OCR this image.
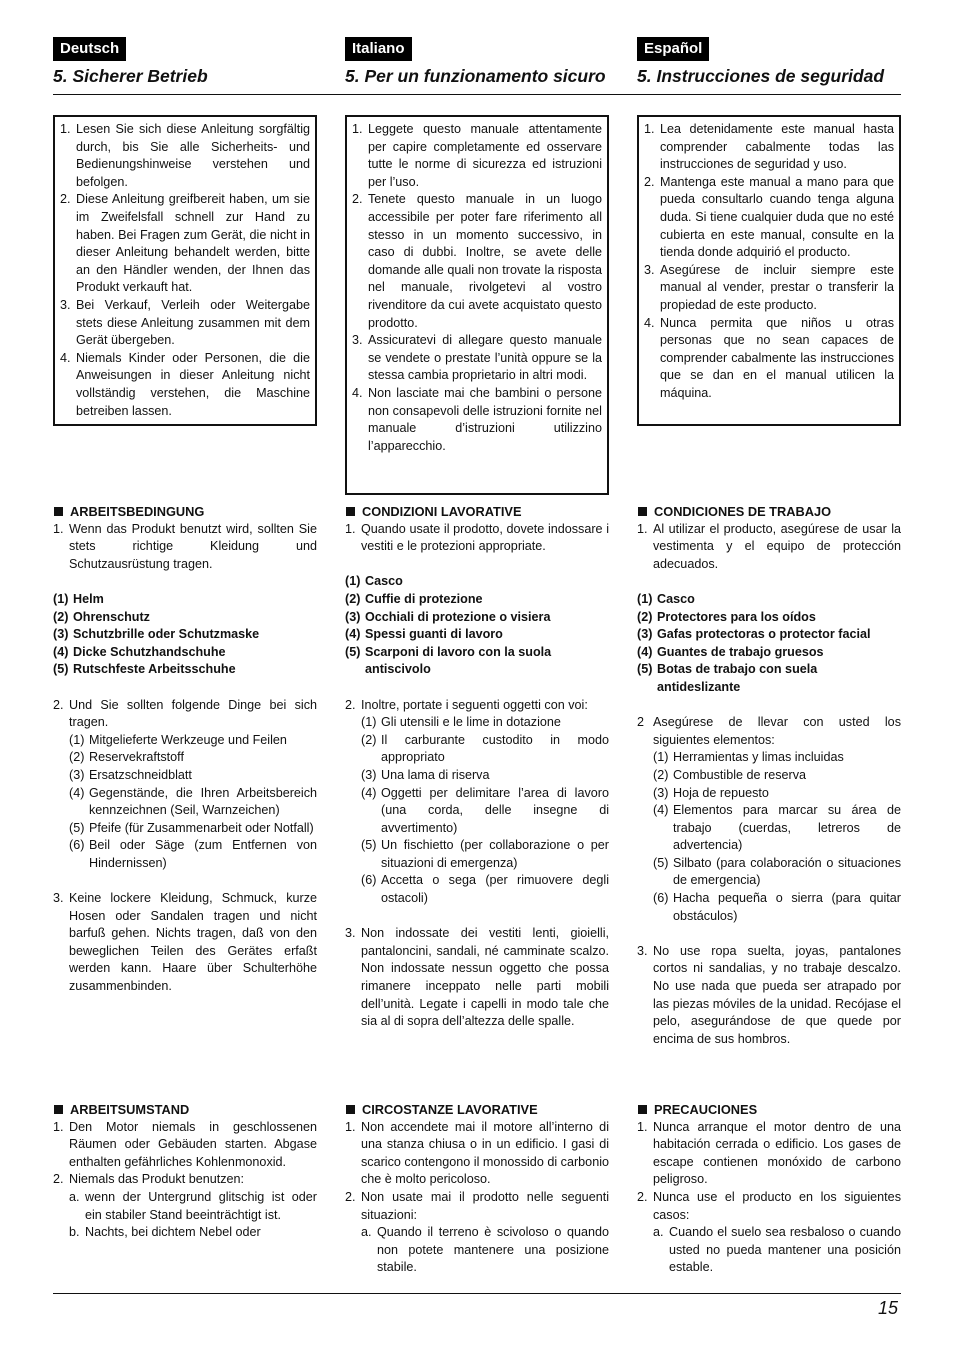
15
Deutsch
5. Sicherer Betrieb
1. Lesen Sie sich diese Anleitung sorgfältig durch, bis Sie alle Sicherheits- und Bedienungshinweise verstehen und befolgen.
2. Diese Anleitung greifbereit haben, um sie im Zweifelsfall schnell zur Hand zu haben. Bei Fragen zum Gerät, die nicht in dieser Anleitung behandelt werden, bitte an den Händler wenden, der Ihnen das Produkt verkauft hat.
3. Bei Verkauf, Verleih oder Weitergabe stets diese Anleitung zusammen mit dem Gerät übergeben.
4. Niemals Kinder oder Personen, die die Anweisungen in dieser Anleitung nicht vollständig verstehen, die Maschine betreiben lassen.
ARBEITSBEDINGUNG
1. Wenn das Produkt benutzt wird, sollten Sie stets richtige Kleidung und Schutzausrüstung tragen.
(1) Helm
(2) Ohrenschutz
(3) Schutzbrille oder Schutzmaske
(4) Dicke Schutzhandschuhe
(5) Rutschfeste Arbeitsschuhe
2. Und Sie sollten folgende Dinge bei sich tragen.
(1) Mitgelieferte Werkzeuge und Feilen
(2) Reservekraftstoff
(3) Ersatzschneidblatt
(4) Gegenstände, die Ihren Arbeitsbereich kennzeichnen (Seil, Warnzeichen)
(5) Pfeife (für Zusammenarbeit oder Notfall)
(6) Beil oder Säge (zum Entfernen von Hindernissen)
3. Keine lockere Kleidung, Schmuck, kurze Hosen oder Sandalen tragen und nicht barfuß gehen. Nichts tragen, daß von den beweglichen Teilen des Gerätes erfaßt werden kann. Haare über Schulterhöhe zusammenbinden.
ARBEITSUMSTAND
1. Den Motor niemals in geschlossenen Räumen oder Gebäuden starten. Abgase enthalten gefährliches Kohlenmonoxid.
2. Niemals das Produkt benutzen:
a. wenn der Untergrund glitschig ist oder ein stabiler Stand beeinträchtigt ist.
b. Nachts, bei dichtem Nebel oder
Italiano
5. Per un funzionamento sicuro
1. Leggete questo manuale attentamente per capire completamente ed osservare tutte le norme di sicurezza ed istruzioni per l’uso.
2. Tenete questo manuale in un luogo accessibile per poter fare riferimento all stesso in un momento successivo, in caso di dubbi. Inoltre, se avete delle domande alle quali non trovate la risposta nel manuale, rivolgetevi al vostro rivenditore da cui avete acquistato questo prodotto.
3. Assicuratevi di allegare questo manuale se vendete o prestate l’unità oppure se la stessa cambia proprietario in altri modi.
4. Non lasciate mai che bambini o persone non consapevoli delle istruzioni fornite nel manuale d’istruzioni utilizzino l’apparecchio.
CONDIZIONI LAVORATIVE
1. Quando usate il prodotto, dovete indossare i vestiti e le protezioni appropriate.
(1) Casco
(2) Cuffie di protezione
(3) Occhiali di protezione o visiera
(4) Spessi guanti di lavoro
(5) Scarponi di lavoro con la suola antiscivolo
2. Inoltre, portate i seguenti oggetti con voi:
(1) Gli utensili e le lime in dotazione
(2) Il carburante custodito in modo appropriato
(3) Una lama di riserva
(4) Oggetti per delimitare l’area di lavoro (una corda, delle insegne di avvertimento)
(5) Un fischietto (per collaborazione o per situazioni di emergenza)
(6) Accetta o sega (per rimuovere degli ostacoli)
3. Non indossate dei vestiti lenti, gioielli, pantaloncini, sandali, né camminate scalzo. Non indossate nessun oggetto che possa rimanere inceppato nelle parti mobili dell’unità. Legate i capelli in modo tale che sia al di sopra dell’altezza delle spalle.
CIRCOSTANZE LAVORATIVE
1. Non accendete mai il motore all’interno di una stanza chiusa o in un edificio. I gasi di scarico contengono il monossido di carbonio che è molto pericoloso.
2. Non usate mai il prodotto nelle seguenti situazioni:
a. Quando il terreno è scivoloso o quando non potete mantenere una posizione stabile.
Español
5. Instrucciones de seguridad
1. Lea detenidamente este manual hasta comprender cabalmente todas las instrucciones de seguridad y uso.
2. Mantenga este manual a mano para que pueda consultarlo cuando tenga alguna duda. Si tiene cualquier duda que no esté cubierta en este manual, consulte en la tienda donde adquirió el producto.
3. Asegúrese de incluir siempre este manual al vender, prestar o transferir la propiedad de este producto.
4. Nunca permita que niños u otras personas que no sean capaces de comprender cabalmente las instrucciones que se dan en el manual utilicen la máquina.
CONDICIONES DE TRABAJO
1. Al utilizar el producto, asegúrese de usar la vestimenta y el equipo de protección adecuados.
(1) Casco
(2) Protectores para los oídos
(3) Gafas protectoras o protector facial
(4) Guantes de trabajo gruesos
(5) Botas de trabajo con suela antideslizante
2 Asegúrese de llevar con usted los siguientes elementos:
(1) Herramientas y limas incluidas
(2) Combustible de reserva
(3) Hoja de repuesto
(4) Elementos para marcar su área de trabajo (cuerdas, letreros de advertencia)
(5) Silbato (para colaboración o situaciones de emergencia)
(6) Hacha pequeña o sierra (para quitar obstáculos)
3. No use ropa suelta, joyas, pantalones cortos ni sandalias, y no trabaje descalzo. No use nada que pueda ser atrapado por las piezas móviles de la unidad. Recójase el pelo, asegurándose de que quede por encima de sus hombros.
PRECAUCIONES
1. Nunca arranque el motor dentro de una habitación cerrada o edificio. Los gases de escape contienen monóxido de carbono peligroso.
2. Nunca use el producto en los siguientes casos:
a. Cuando el suelo sea resbaloso o cuando usted no pueda mantener una posición estable.
